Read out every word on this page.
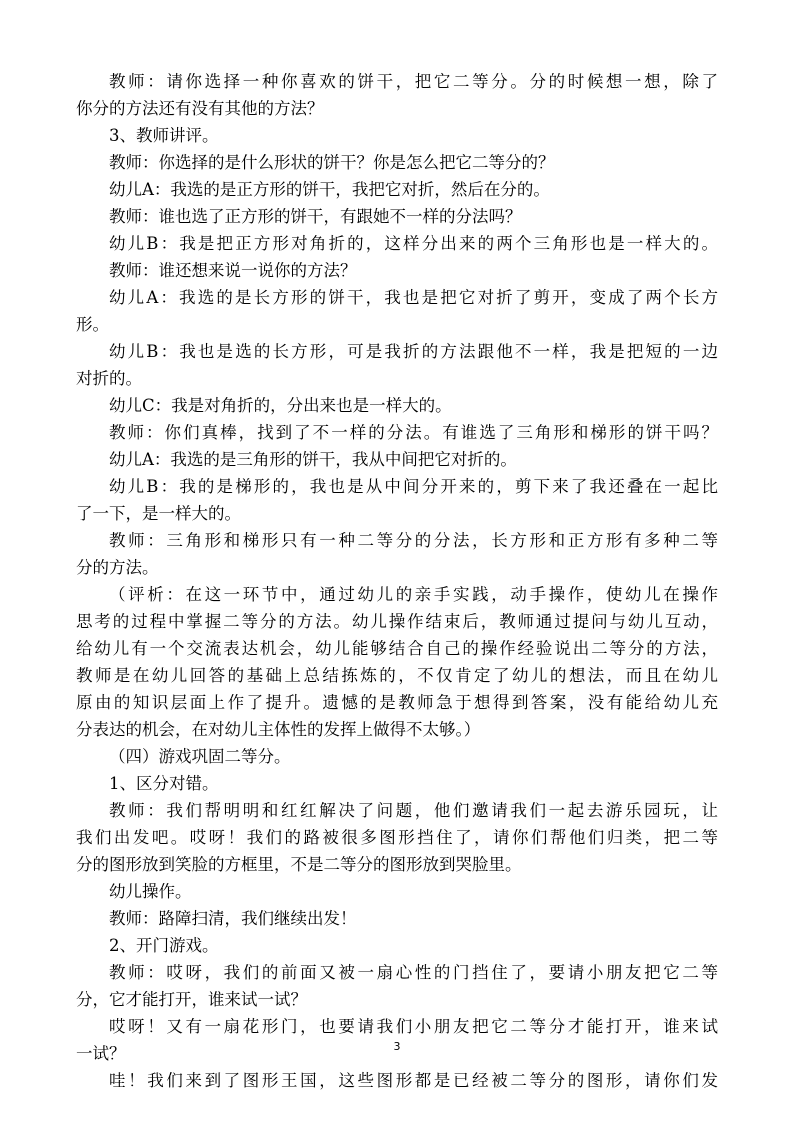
教师：请你选择一种你喜欢的饼干，把它二等分。分的时候想一想，除了
你分的方法还有没有其他的方法？
3、教师讲评。
教师：你选择的是什么形状的饼干？你是怎么把它二等分的？
幼儿A：我选的是正方形的饼干，我把它对折，然后在分的。
教师：谁也选了正方形的饼干，有跟她不一样的分法吗？
幼儿B：我是把正方形对角折的，这样分出来的两个三角形也是一样大的。
教师：谁还想来说一说你的方法？
幼儿A：我选的是长方形的饼干，我也是把它对折了剪开，变成了两个长方
形。
幼儿B：我也是选的长方形，可是我折的方法跟他不一样，我是把短的一边
对折的。
幼儿C：我是对角折的，分出来也是一样大的。
教师：你们真棒，找到了不一样的分法。有谁选了三角形和梯形的饼干吗？
幼儿A：我选的是三角形的饼干，我从中间把它对折的。
幼儿B：我的是梯形的，我也是从中间分开来的，剪下来了我还叠在一起比
了一下，是一样大的。
教师：三角形和梯形只有一种二等分的分法，长方形和正方形有多种二等
分的方法。
（评析：在这一环节中，通过幼儿的亲手实践，动手操作，使幼儿在操作
思考的过程中掌握二等分的方法。幼儿操作结束后，教师通过提问与幼儿互动，
给幼儿有一个交流表达机会，幼儿能够结合自己的操作经验说出二等分的方法，
教师是在幼儿回答的基础上总结拣炼的，不仅肯定了幼儿的想法，而且在幼儿
原由的知识层面上作了提升。遗憾的是教师急于想得到答案，没有能给幼儿充
分表达的机会，在对幼儿主体性的发挥上做得不太够。）
（四）游戏巩固二等分。
1、区分对错。
教师：我们帮明明和红红解决了问题，他们邀请我们一起去游乐园玩，让
我们出发吧。哎呀！我们的路被很多图形挡住了，请你们帮他们归类，把二等
分的图形放到笑脸的方框里，不是二等分的图形放到哭脸里。
幼儿操作。
教师：路障扫清，我们继续出发！
2、开门游戏。
教师：哎呀，我们的前面又被一扇心性的门挡住了，要请小朋友把它二等
分，它才能打开，谁来试一试？
哎呀！又有一扇花形门，也要请我们小朋友把它二等分才能打开，谁来试
一试？
哇！我们来到了图形王国，这些图形都是已经被二等分的图形，请你们发
3
